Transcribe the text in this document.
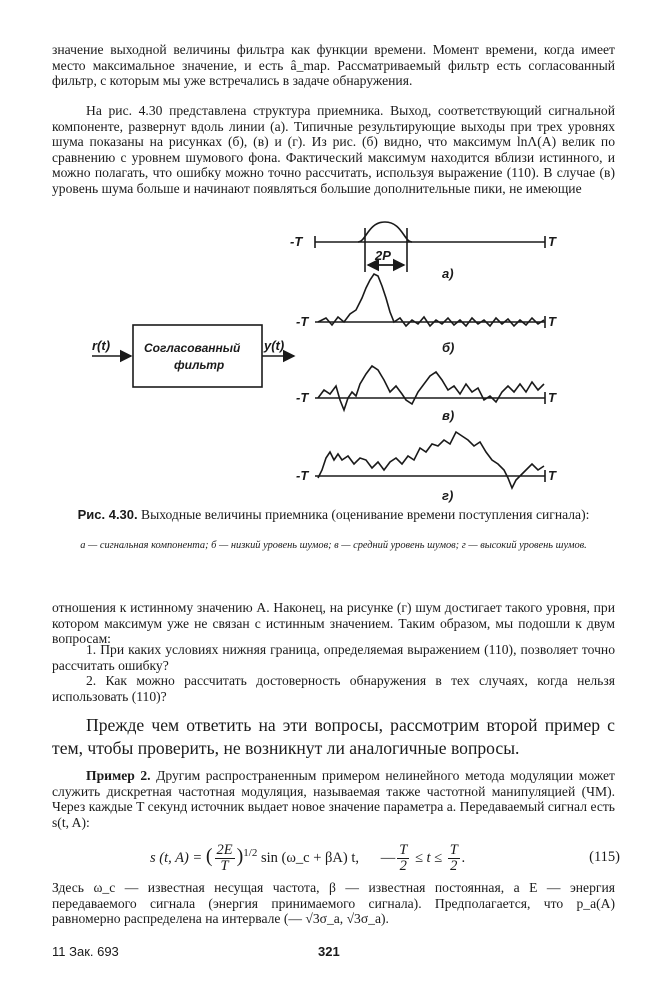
значение выходной величины фильтра как функции времени. Момент времени, когда имеет место максимальное значение, и есть â_map. Рассматриваемый фильтр есть согласованный фильтр, с которым мы уже встречались в задаче обнаружения.

На рис. 4.30 представлена структура приемника. Выход, соответствующий сигнальной компоненте, развернут вдоль линии (а). Типичные результирующие выходы при трех уровнях шума показаны на рисунках (б), (в) и (г). Из рис. (б) видно, что максимум lnΛ(A) велик по сравнению с уровнем шумового фона. Фактический максимум находится вблизи истинного, и можно полагать, что ошибку можно точно рассчитать, используя выражение (110). В случае (в) уровень шума больше и начинают появляться большие дополнительные пики, не имеющие

-T	T
2P
а)
-T	T
б)
-T	T
в)
-T	T
г)
r(t)	y(t)
Согласованный
фильтр
Рис. 4.30. Выходные величины приемника (оценивание времени поступления сигнала):
а — сигнальная компонента; б — низкий уровень шумов; в — средний уровень шумов; г — высокий уровень шумов.

отношения к истинному значению A. Наконец, на рисунке (г) шум достигает такого уровня, при котором максимум уже не связан с истинным значением. Таким образом, мы подошли к двум вопросам:

1. При каких условиях нижняя граница, определяемая выражением (110), позволяет точно рассчитать ошибку?

2. Как можно рассчитать достоверность обнаружения в тех случаях, когда нельзя использовать (110)?

Прежде чем ответить на эти вопросы, рассмотрим второй пример с тем, чтобы проверить, не возникнут ли аналогичные вопросы.

Пример 2. Другим распространенным примером нелинейного метода модуляции может служить дискретная частотная модуляция, называемая также частотной манипуляцией (ЧМ). Через каждые T секунд источник выдает новое значение параметра a. Передаваемый сигнал есть s(t, A):

s (t, A) = ( $\frac{2E}{T} )^{1/2}$ sin (ω_c + βA) t, — $\frac{T}{2} \le t \le \frac{T}{2}$ .	(115)

Здесь ω_c — известная несущая частота, β — известная постоянная, а E — энергия передаваемого сигнала (энергия принимаемого сигнала). Предполагается, что p_a(A) равномерно распределена на интервале (— √3σ_a, √3σ_a).

11 Зак. 693	321
